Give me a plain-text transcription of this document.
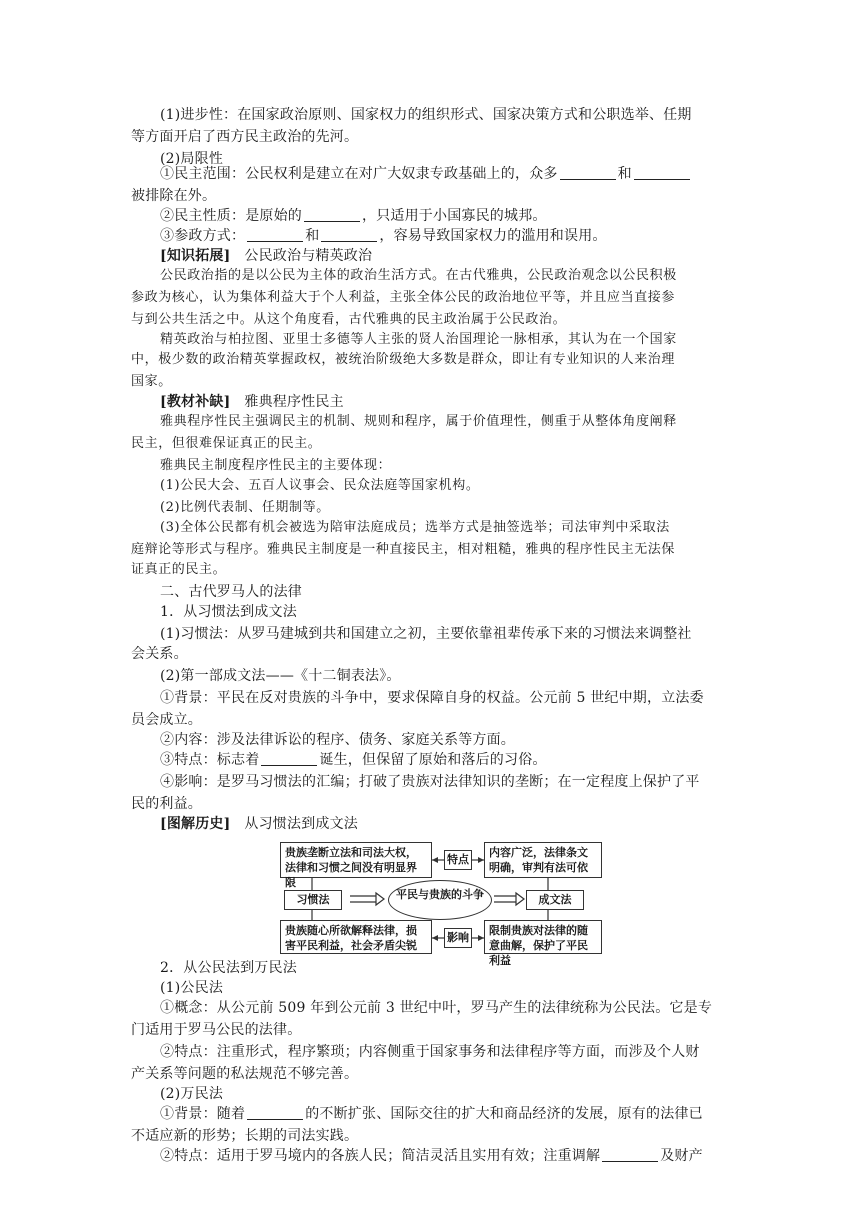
(1)进步性：在国家政治原则、国家权力的组织形式、国家决策方式和公职选举、任期
等方面开启了西方民主政治的先河。
(2)局限性
①民主范围：公民权利是建立在对广大奴隶专政基础上的，众多	和
被排除在外。
②民主性质：是原始的	，只适用于小国寡民的城邦。
③参政方式：	和	，容易导致国家权力的滥用和误用。
[知识拓展] 公民政治与精英政治
公民政治指的是以公民为主体的政治生活方式。在古代雅典，公民政治观念以公民积极
参政为核心，认为集体利益大于个人利益，主张全体公民的政治地位平等，并且应当直接参
与到公共生活之中。从这个角度看，古代雅典的民主政治属于公民政治。
精英政治与柏拉图、亚里士多德等人主张的贤人治国理论一脉相承，其认为在一个国家
中，极少数的政治精英掌握政权，被统治阶级绝大多数是群众，即让有专业知识的人来治理
国家。
[教材补缺] 雅典程序性民主
雅典程序性民主强调民主的机制、规则和程序，属于价值理性，侧重于从整体角度阐释
民主，但很难保证真正的民主。
雅典民主制度程序性民主的主要体现：
(1)公民大会、五百人议事会、民众法庭等国家机构。
(2)比例代表制、任期制等。
(3)全体公民都有机会被选为陪审法庭成员；选举方式是抽签选举；司法审判中采取法
庭辩论等形式与程序。雅典民主制度是一种直接民主，相对粗糙，雅典的程序性民主无法保
证真正的民主。
二、古代罗马人的法律
1．从习惯法到成文法
(1)习惯法：从罗马建城到共和国建立之初，主要依靠祖辈传承下来的习惯法来调整社
会关系。
(2)第一部成文法——《十二铜表法》。
①背景：平民在反对贵族的斗争中，要求保障自身的权益。公元前 5 世纪中期，立法委
员会成立。
②内容：涉及法律诉讼的程序、债务、家庭关系等方面。
③特点：标志着	诞生，但保留了原始和落后的习俗。
④影响：是罗马习惯法的汇编；打破了贵族对法律知识的垄断；在一定程度上保护了平
民的利益。
[图解历史] 从习惯法到成文法
贵族垄断立法和司法大权，法律和习惯之间没有明显界限
特点
内容广泛，法律条文明确，审判有法可依
习惯法	平民与贵族的斗争	成文法
贵族随心所欲解释法律，损害平民利益，社会矛盾尖锐
影响
限制贵族对法律的随意曲解，保护了平民利益
2．从公民法到万民法
(1)公民法
①概念：从公元前 509 年到公元前 3 世纪中叶，罗马产生的法律统称为公民法。它是专
门适用于罗马公民的法律。
②特点：注重形式，程序繁琐；内容侧重于国家事务和法律程序等方面，而涉及个人财
产关系等问题的私法规范不够完善。
(2)万民法
①背景：随着	的不断扩张、国际交往的扩大和商品经济的发展，原有的法律已
不适应新的形势；长期的司法实践。
②特点：适用于罗马境内的各族人民；简洁灵活且实用有效；注重调解	及财产
